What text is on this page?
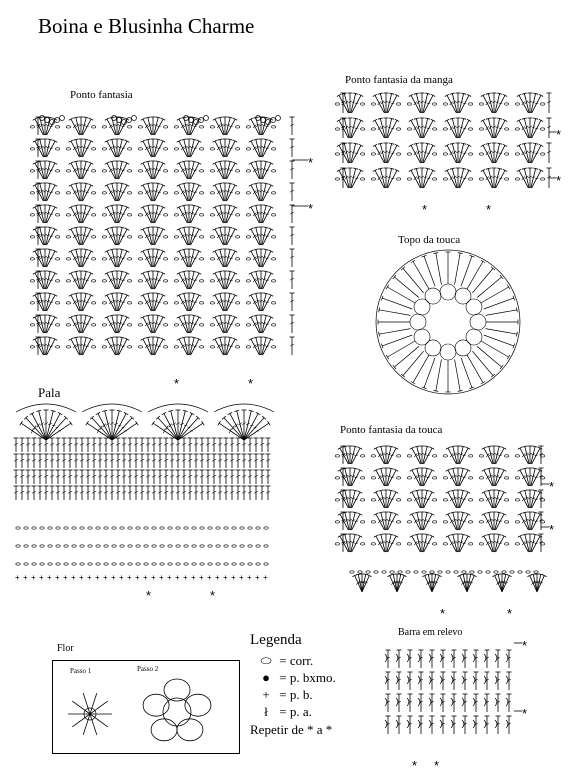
Boina e Blusinha Charme
Ponto fantasia
Ponto fantasia da manga
Topo da touca
Pala
Ponto fantasia da touca
Barra em relevo
Flor
Passo 1	Passo 2
Legenda
⬭ = corr.
● = p. bxmo.
+ = p. b.
ł = p. a.
Repetir de * a *
*
*
*	*
*
*
*	*
+ + + + + + + + + + + + + + + + + + + + + + + + + + + + + + + +
*	*
*
*
*	*
*
*
* *
